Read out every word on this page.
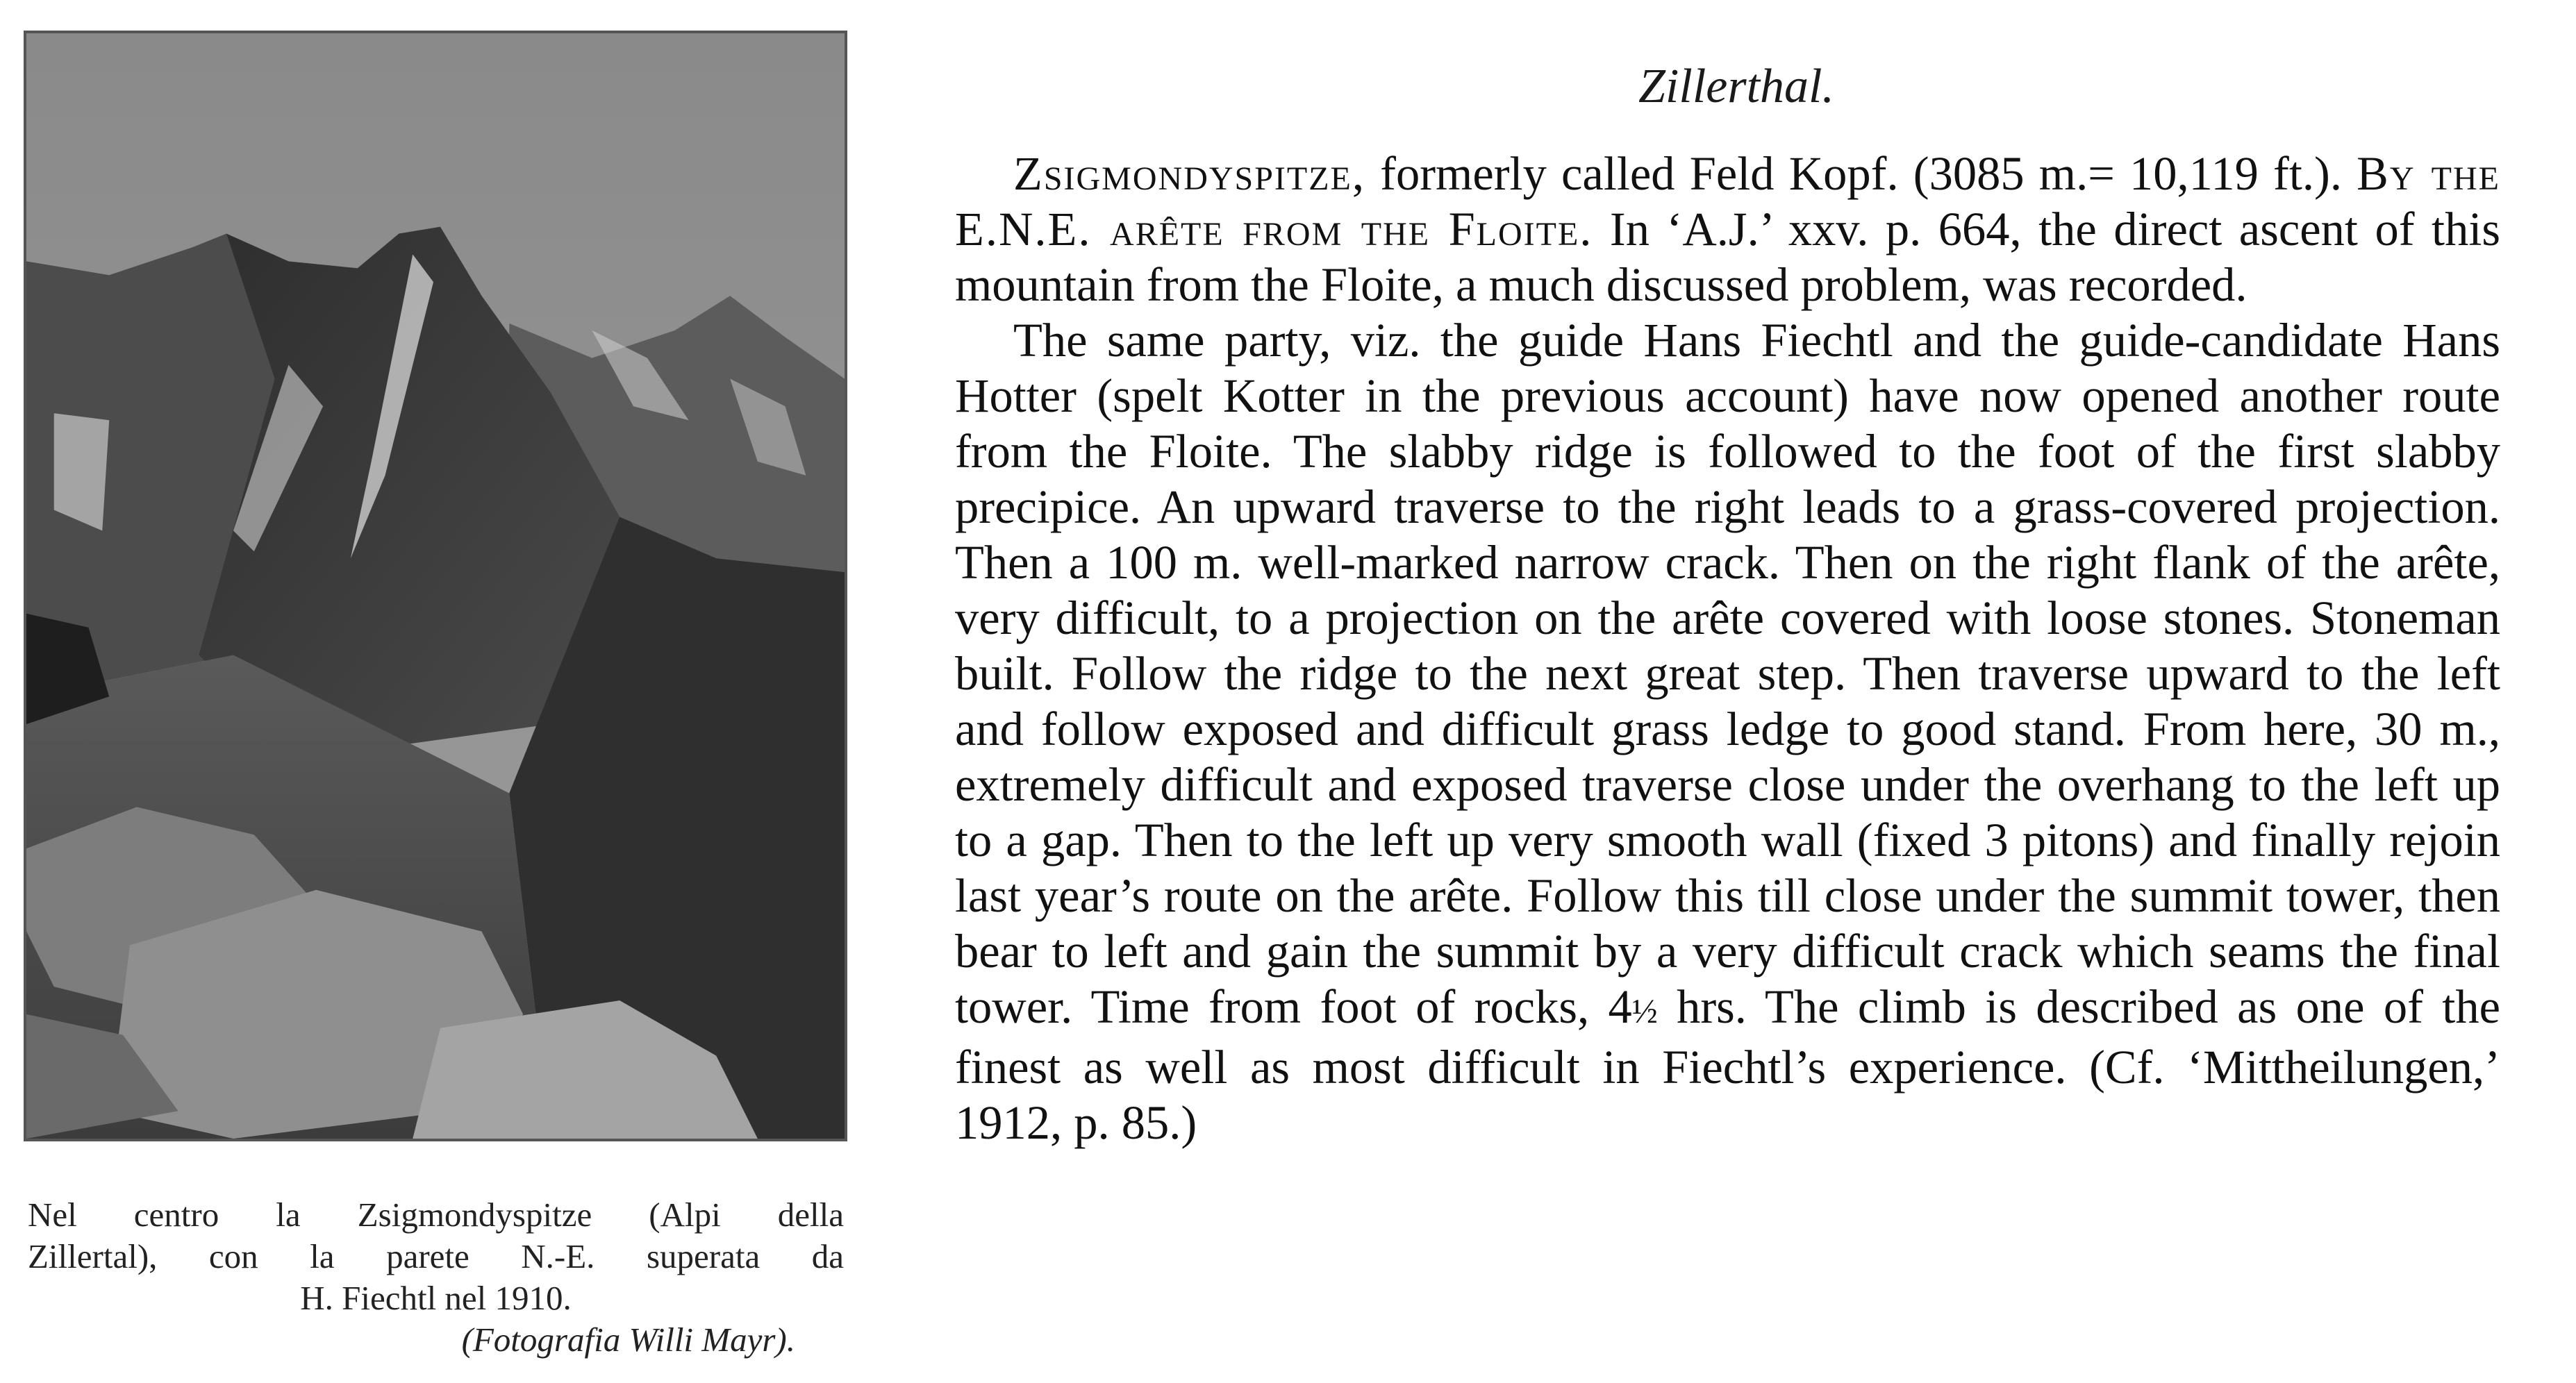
Nel centro la Zsigmondyspitze (Alpi della
Zillertal), con la parete N.-E. superata da
H. Fiechtl nel 1910.
(Fotografia Willi Mayr).
Zillerthal.

Zsigmondyspitze, formerly called Feld Kopf. (3085 m.= 10,119 ft.). By the E.N.E. arête from the Floite. In ‘A.J.’ xxv. p. 664, the direct ascent of this mountain from the Floite, a much discussed problem, was recorded.

The same party, viz. the guide Hans Fiechtl and the guide-candidate Hans Hotter (spelt Kotter in the previous account) have now opened another route from the Floite. The slabby ridge is followed to the foot of the first slabby precipice. An upward traverse to the right leads to a grass-covered projection. Then a 100 m. well-marked narrow crack. Then on the right flank of the arête, very difficult, to a projection on the arête covered with loose stones. Stoneman built. Follow the ridge to the next great step. Then traverse upward to the left and follow exposed and difficult grass ledge to good stand. From here, 30 m., extremely difficult and exposed traverse close under the overhang to the left up to a gap. Then to the left up very smooth wall (fixed 3 pitons) and finally rejoin last year’s route on the arête. Follow this till close under the summit tower, then bear to left and gain the summit by a very difficult crack which seams the final tower. Time from foot of rocks, 4½ hrs. The climb is described as one of the finest as well as most difficult in Fiechtl’s experience. (Cf. ‘Mittheilungen,’ 1912, p. 85.)
